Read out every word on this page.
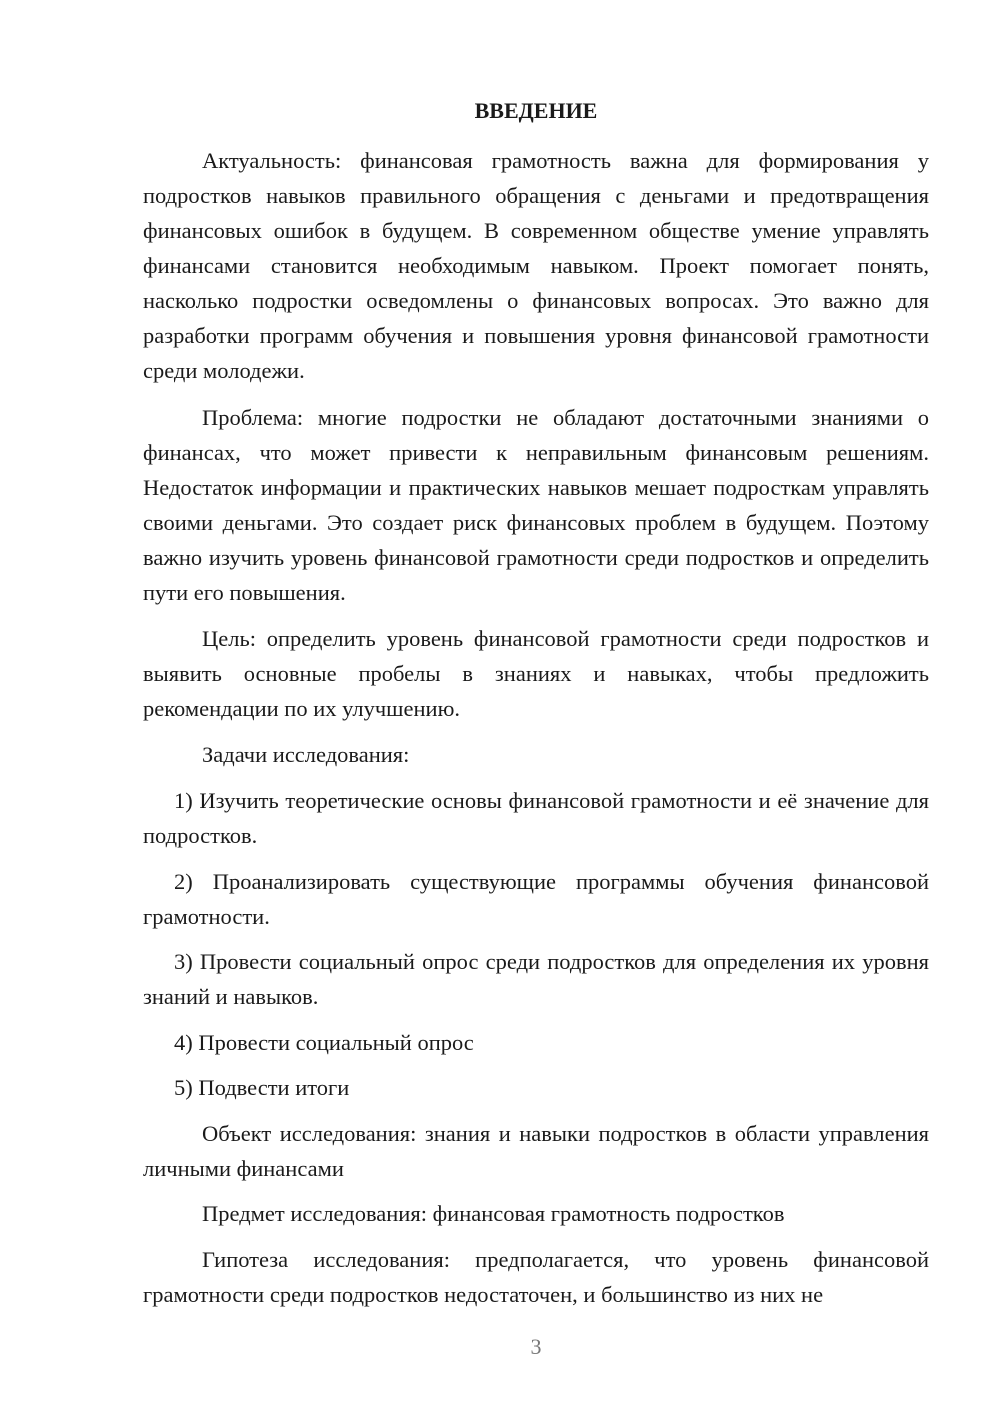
ВВЕДЕНИЕ

Актуальность: финансовая грамотность важна для формирования у подростков навыков правильного обращения с деньгами и предотвращения финансовых ошибок в будущем. В современном обществе умение управлять финансами становится необходимым навыком. Проект помогает понять, насколько подростки осведомлены о финансовых вопросах. Это важно для разработки программ обучения и повышения уровня финансовой грамотности среди молодежи.

Проблема: многие подростки не обладают достаточными знаниями о финансах, что может привести к неправильным финансовым решениям. Недостаток информации и практических навыков мешает подросткам управлять своими деньгами. Это создает риск финансовых проблем в будущем. Поэтому важно изучить уровень финансовой грамотности среди подростков и определить пути его повышения.

Цель: определить уровень финансовой грамотности среди подростков и выявить основные пробелы в знаниях и навыках, чтобы предложить рекомендации по их улучшению.

Задачи исследования:

1) Изучить теоретические основы финансовой грамотности и её значение для подростков.

2) Проанализировать существующие программы обучения финансовой грамотности.

3) Провести социальный опрос среди подростков для определения их уровня знаний и навыков.

4) Провести социальный опрос

5) Подвести итоги

Объект исследования: знания и навыки подростков в области управления личными финансами

Предмет исследования: финансовая грамотность подростков

Гипотеза исследования: предполагается, что уровень финансовой грамотности среди подростков недостаточен, и большинство из них не

3
